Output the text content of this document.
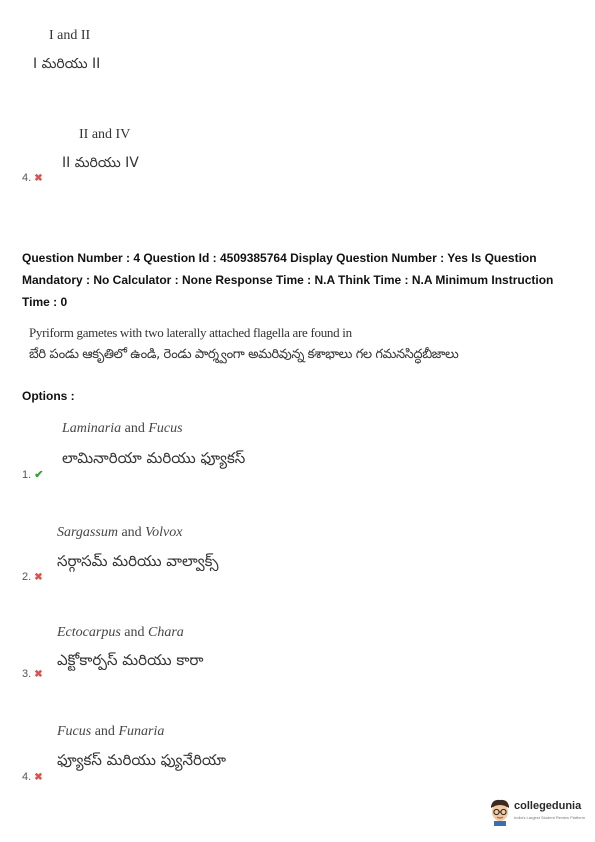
I and II
I మరియు II
II and IV
II మరియు IV
4. ✖
Question Number : 4 Question Id : 4509385764 Display Question Number : Yes Is Question
Mandatory : No Calculator : None Response Time : N.A Think Time : N.A Minimum Instruction
Time : 0
Pyriform gametes with two laterally attached flagella are found in
బేరి పండు ఆకృతిలో ఉండి, రెండు పార్శ్వంగా అమరివున్న కశాభాలు గల గమనసిద్ధబీజాలు
Options :
Laminaria and Fucus
లామినారియా మరియు ఫ్యూకస్
1. ✔
Sargassum and Volvox
సర్గాసమ్ మరియు వాల్వాక్స్
2. ✖
Ectocarpus and Chara
ఎక్టోకార్పస్ మరియు కారా
3. ✖
Fucus and Funaria
ఫ్యూకస్ మరియు ఫ్యునేరియా
4. ✖
collegedunia
India's Largest Student Review Platform
